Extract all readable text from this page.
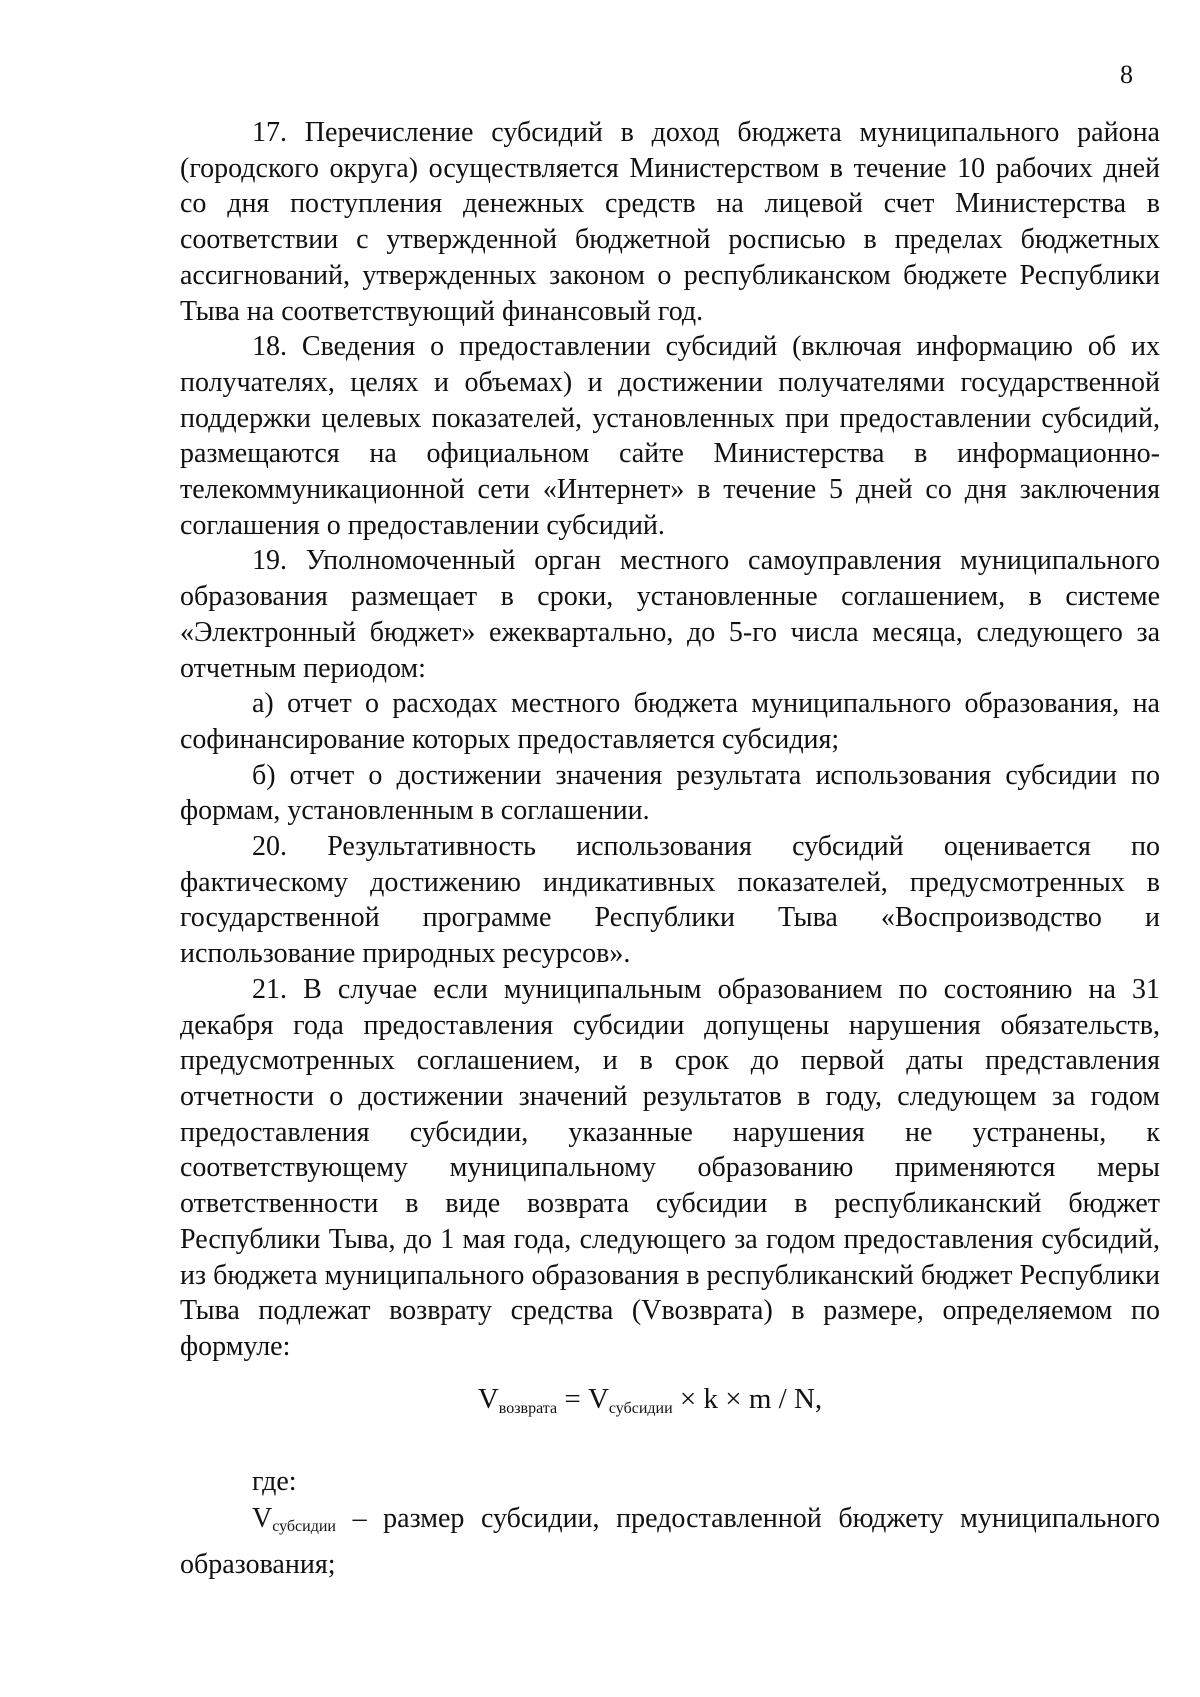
8

17. Перечисление субсидий в доход бюджета муниципального района (городского округа) осуществляется Министерством в течение 10 рабочих дней со дня поступления денежных средств на лицевой счет Министерства в соответствии с утвержденной бюджетной росписью в пределах бюджетных ассигнований, утвержденных законом о республиканском бюджете Республики Тыва на соответствующий финансовый год.

18. Сведения о предоставлении субсидий (включая информацию об их получателях, целях и объемах) и достижении получателями государственной поддержки целевых показателей, установленных при предоставлении субсидий, размещаются на официальном сайте Министерства в информационно-телекоммуникационной сети «Интернет» в течение 5 дней со дня заключения соглашения о предоставлении субсидий.

19. Уполномоченный орган местного самоуправления муниципального образования размещает в сроки, установленные соглашением, в системе «Электронный бюджет» ежеквартально, до 5-го числа месяца, следующего за отчетным периодом:

а) отчет о расходах местного бюджета муниципального образования, на софинансирование которых предоставляется субсидия;

б) отчет о достижении значения результата использования субсидии по формам, установленным в соглашении.

20. Результативность использования субсидий оценивается по фактическому достижению индикативных показателей, предусмотренных в государственной программе Республики Тыва «Воспроизводство и использование природных ресурсов».

21. В случае если муниципальным образованием по состоянию на 31 декабря года предоставления субсидии допущены нарушения обязательств, предусмотренных соглашением, и в срок до первой даты представления отчетности о достижении значений результатов в году, следующем за годом предоставления субсидии, указанные нарушения не устранены, к соответствующему муниципальному образованию применяются меры ответственности в виде возврата субсидии в республиканский бюджет Республики Тыва, до 1 мая года, следующего за годом предоставления субсидий, из бюджета муниципального образования в республиканский бюджет Республики Тыва подлежат возврату средства (Vвозврата) в размере, определяемом по формуле:

$V_{возврата} = V_{субсидии} \times k \times m / N$,
где:

$V_{субсидии}$ – размер субсидии, предоставленной бюджету муниципального образования;
